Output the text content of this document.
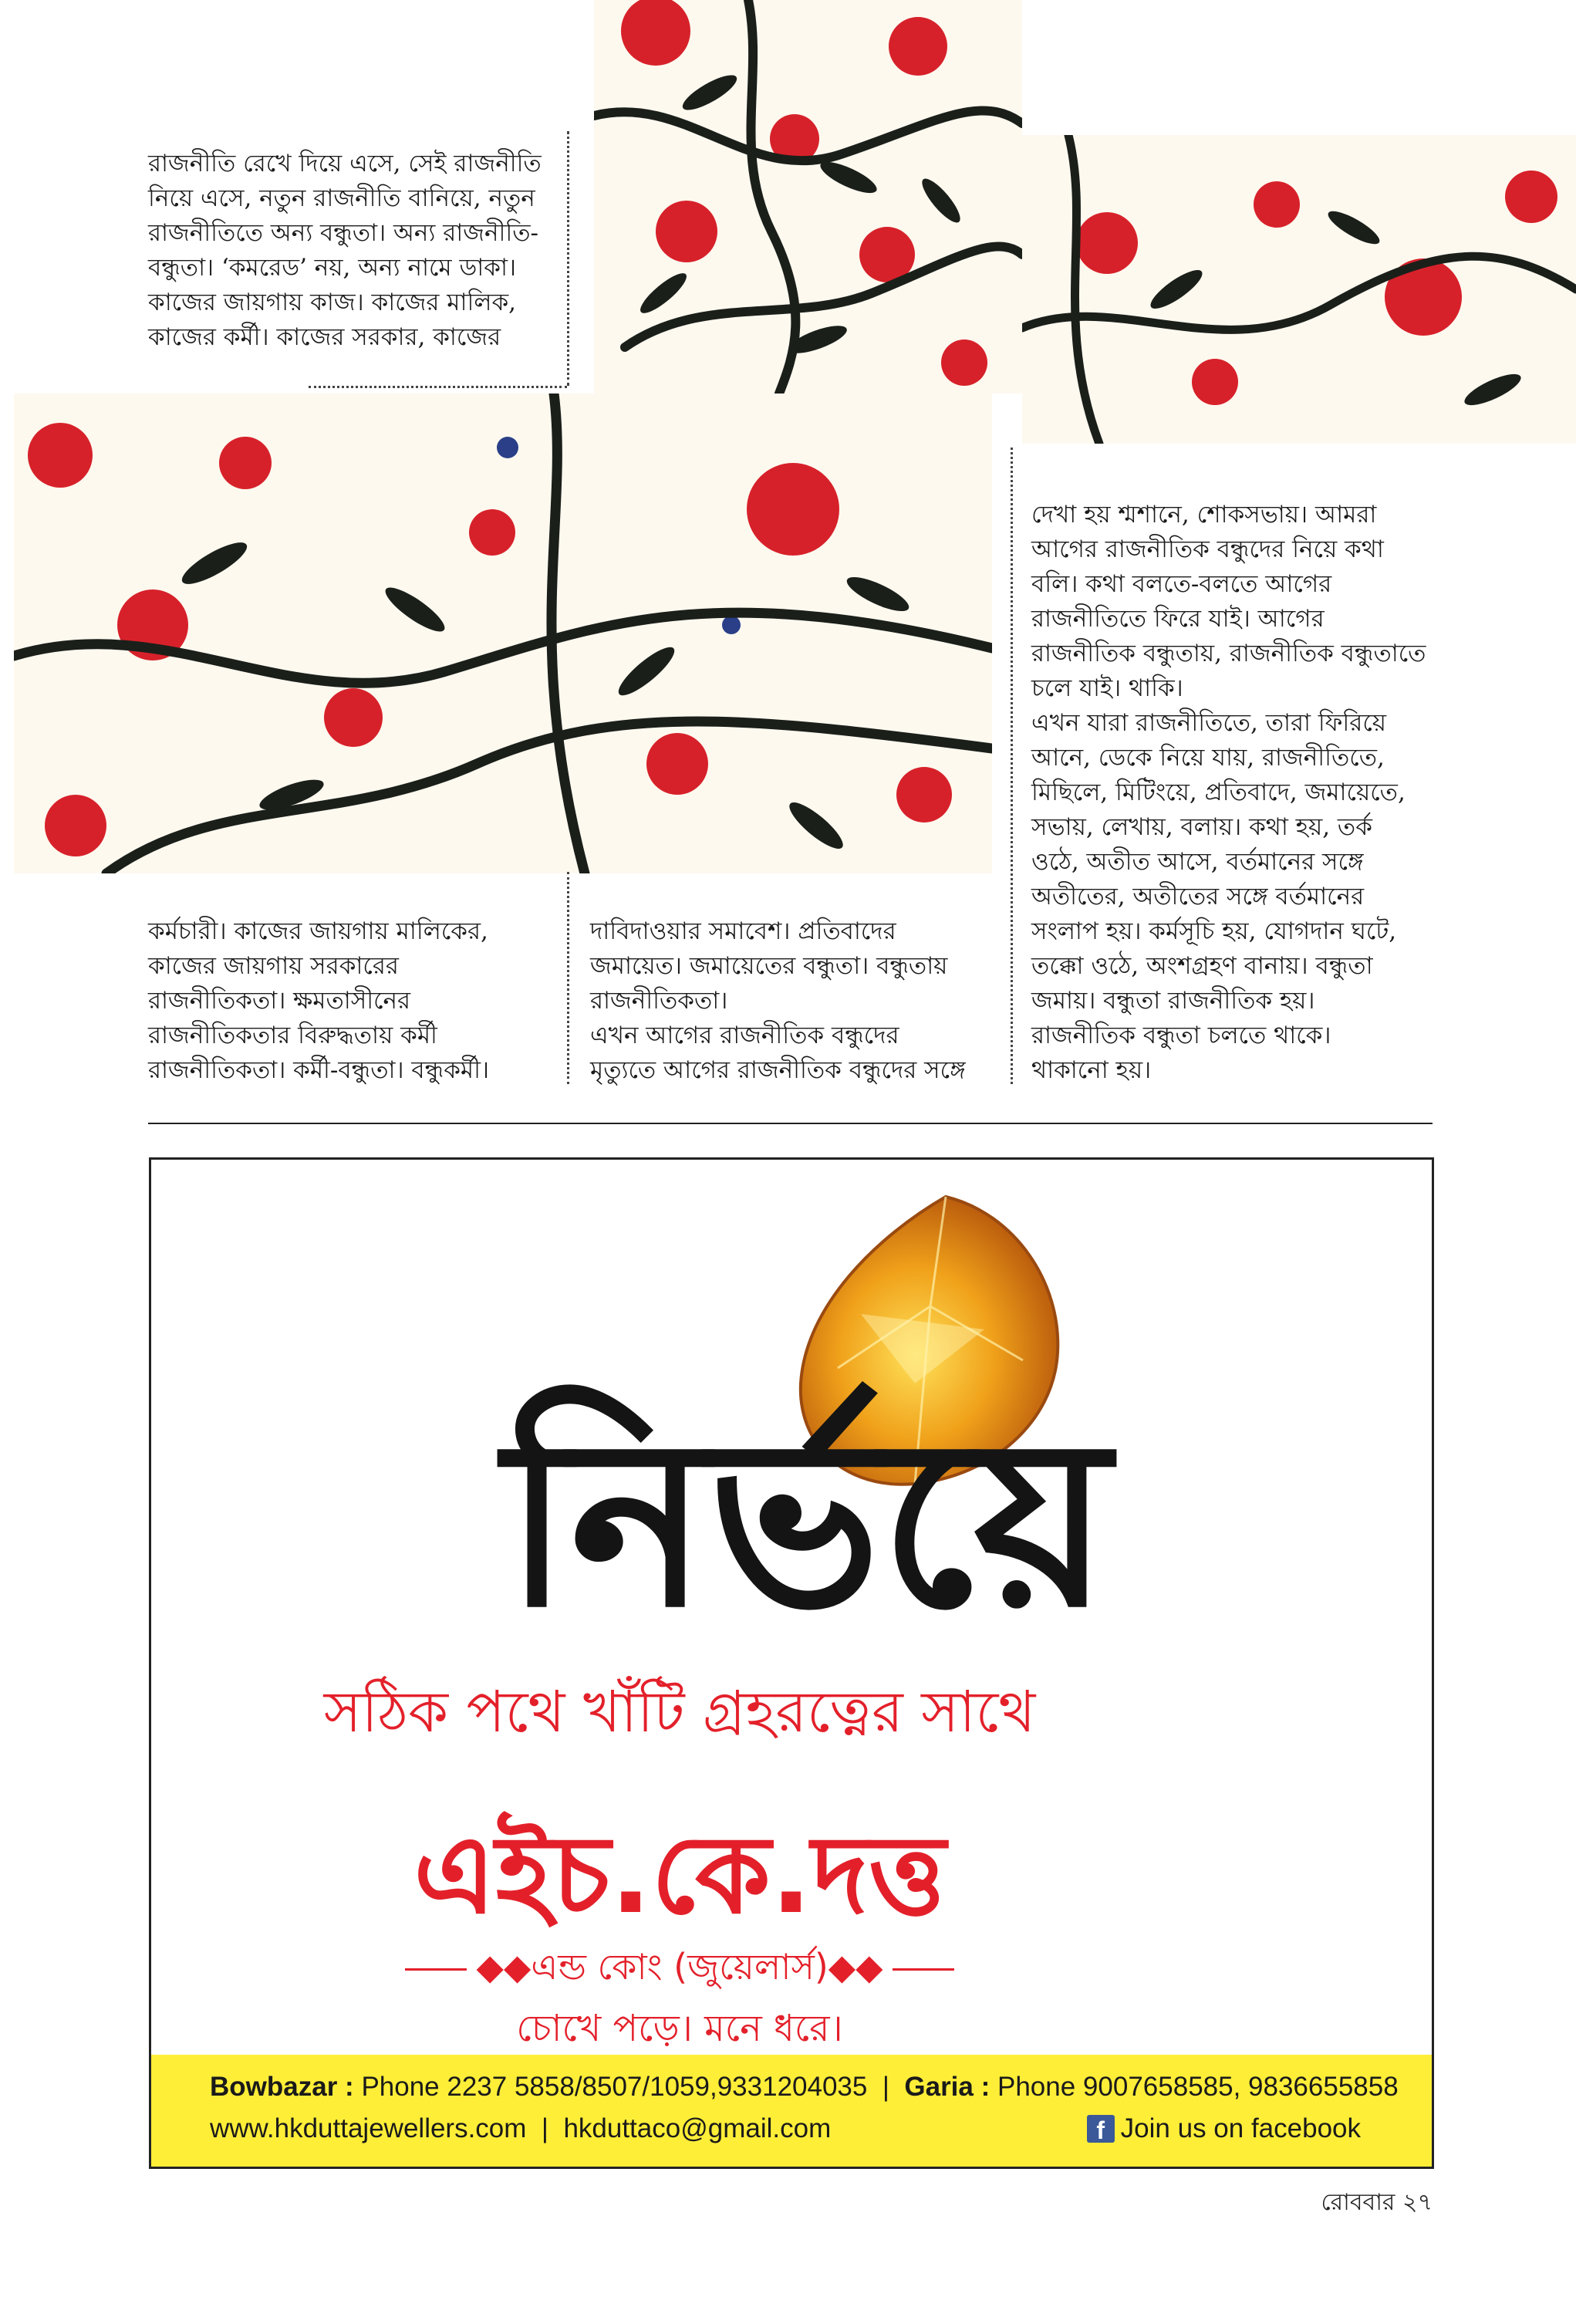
রাজনীতি রেখে দিয়ে এসে, সেই রাজনীতি
নিয়ে এসে, নতুন রাজনীতি বানিয়ে, নতুন
রাজনীতিতে অন্য বন্ধুতা। অন্য রাজনীতি-
বন্ধুতা। ‘কমরেড’ নয়, অন্য নামে ডাকা।
কাজের জায়গায় কাজ। কাজের মালিক,
কাজের কর্মী। কাজের সরকার, কাজের
দেখা হয় শ্মশানে, শোকসভায়। আমরা
আগের রাজনীতিক বন্ধুদের নিয়ে কথা
বলি। কথা বলতে-বলতে আগের
রাজনীতিতে ফিরে যাই। আগের
রাজনীতিক বন্ধুতায়, রাজনীতিক বন্ধুতাতে
চলে যাই। থাকি।
এখন যারা রাজনীতিতে, তারা ফিরিয়ে
আনে, ডেকে নিয়ে যায়, রাজনীতিতে,
মিছিলে, মিটিংয়ে, প্রতিবাদে, জমায়েতে,
সভায়, লেখায়, বলায়। কথা হয়, তর্ক
ওঠে, অতীত আসে, বর্তমানের সঙ্গে
অতীতের, অতীতের সঙ্গে বর্তমানের
সংলাপ হয়। কর্মসূচি হয়, যোগদান ঘটে,
তক্কো ওঠে, অংশগ্রহণ বানায়। বন্ধুতা
জমায়। বন্ধুতা রাজনীতিক হয়।
রাজনীতিক বন্ধুতা চলতে থাকে।
থাকানো হয়।
কর্মচারী। কাজের জায়গায় মালিকের,
কাজের জায়গায় সরকারের
রাজনীতিকতা। ক্ষমতাসীনের
রাজনীতিকতার বিরুদ্ধতায় কর্মী
রাজনীতিকতা। কর্মী-বন্ধুতা। বন্ধুকর্মী।
দাবিদাওয়ার সমাবেশ। প্রতিবাদের
জমায়েত। জমায়েতের বন্ধুতা। বন্ধুতায়
রাজনীতিকতা।
এখন আগের রাজনীতিক বন্ধুদের
মৃত্যুতে আগের রাজনীতিক বন্ধুদের সঙ্গে
নির্ভয়ে
সঠিক পথে খাঁটি গ্রহরত্নের সাথে
এইচ.কে.দত্ত
◆◆এন্ড কোং (জুয়েলার্স)◆◆
চোখে পড়ে। মনে ধরে।
Bowbazar : Phone 2237 5858/8507/1059,9331204035 | Garia : Phone 9007658585, 9836655858
www.hkduttajewellers.com | hkduttaco@gmail.com	f Join us on facebook
রোববার ২৭
